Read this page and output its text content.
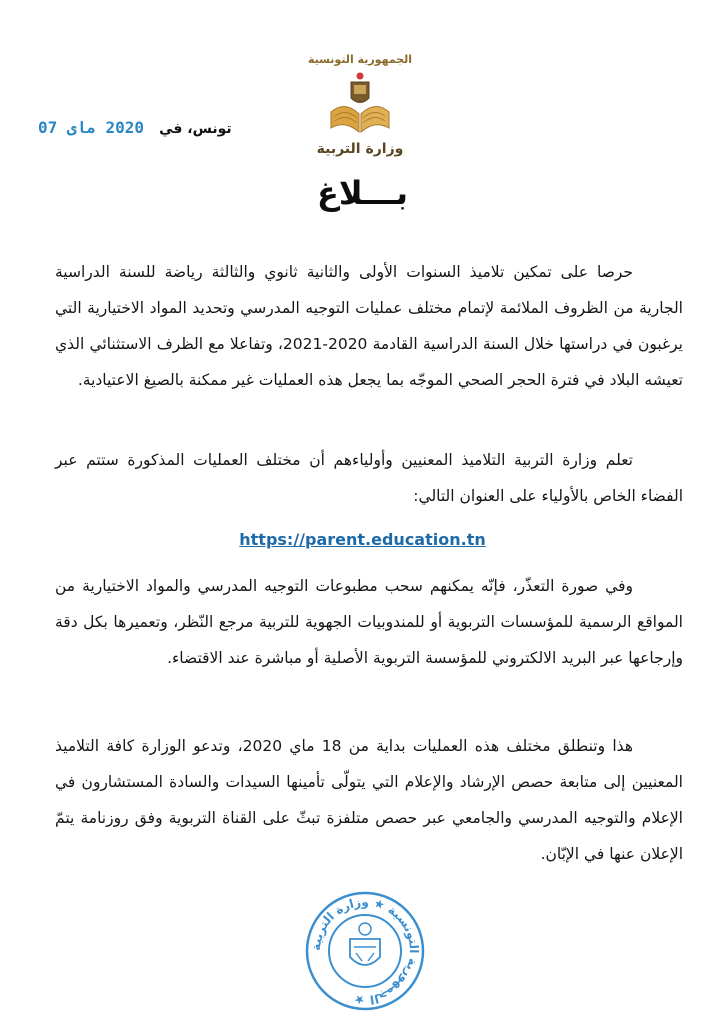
الجمهورية التونسية
وزارة التربية
تونس، في 2020 ماى 07
بـــلاغ

حرصا على تمكين تلاميذ السنوات الأولى والثانية ثانوي والثالثة رياضة للسنة الدراسية الجارية من الظروف الملائمة لإتمام مختلف عمليات التوجيه المدرسي وتحديد المواد الاختيارية التي يرغبون في دراستها خلال السنة الدراسية القادمة 2020-2021، وتفاعلا مع الظرف الاستثنائي الذي تعيشه البلاد في فترة الحجر الصحي الموجّه بما يجعل هذه العمليات غير ممكنة بالصيغ الاعتيادية.

تعلم وزارة التربية التلاميذ المعنيين وأولياءهم أن مختلف العمليات المذكورة ستتم عبر الفضاء الخاص بالأولياء على العنوان التالي:

https://parent.education.tn

وفي صورة التعذّر، فإنّه يمكنهم سحب مطبوعات التوجيه المدرسي والمواد الاختيارية من المواقع الرسمية للمؤسسات التربوية أو للمندوبيات الجهوية للتربية مرجع النّظر، وتعميرها بكل دقة وإرجاعها عبر البريد الالكتروني للمؤسسة التربوية الأصلية أو مباشرة عند الاقتضاء.

هذا وتنطلق مختلف هذه العمليات بداية من 18 ماي 2020، وتدعو الوزارة كافة التلاميذ المعنيين إلى متابعة حصص الإرشاد والإعلام التي يتولّى تأمينها السيدات والسادة المستشارون في الإعلام والتوجيه المدرسي والجامعي عبر حصص متلفزة تبثّ على القناة التربوية وفق روزنامة يتمّ الإعلان عنها في الإبّان.

الجمهورية التونسية ★ وزارة التربية ★
